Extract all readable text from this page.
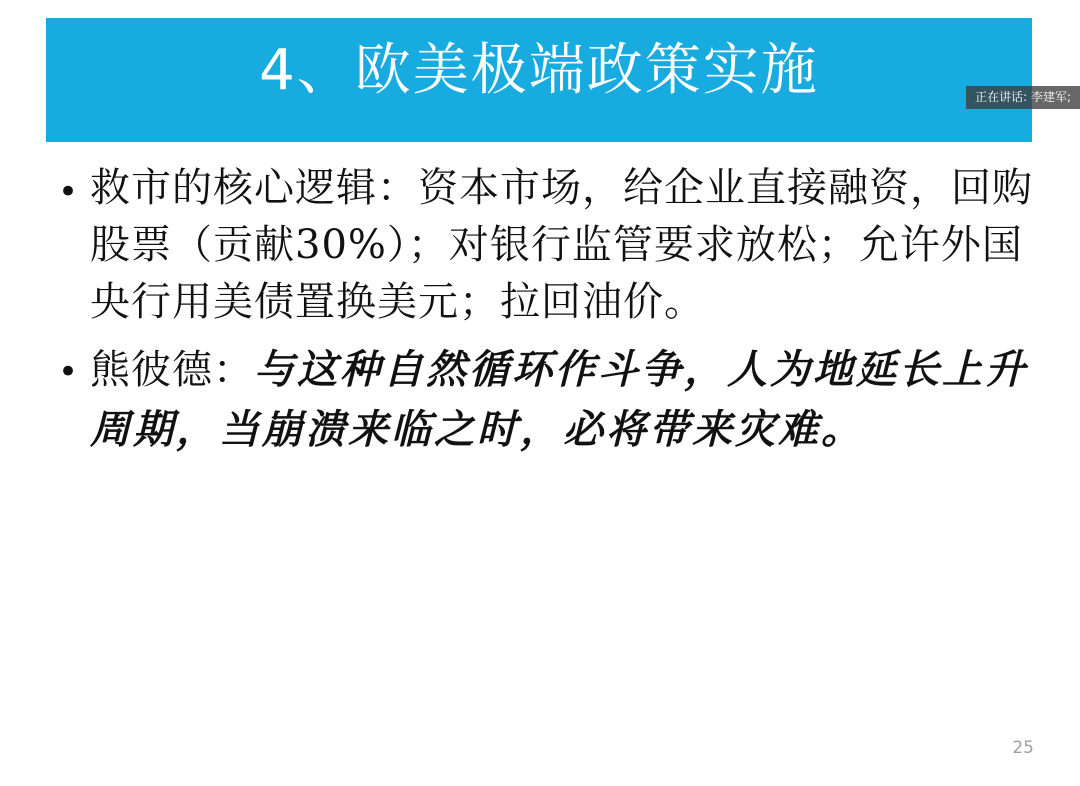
4、欧美极端政策实施	正在讲话: 李建军;
• 救市的核心逻辑：资本市场，给企业直接融资，回购股票（贡献30%）；对银行监管要求放松；允许外国央行用美债置换美元；拉回油价。
• 熊彼德：与这种自然循环作斗争，人为地延长上升周期，当崩溃来临之时，必将带来灾难。
25
